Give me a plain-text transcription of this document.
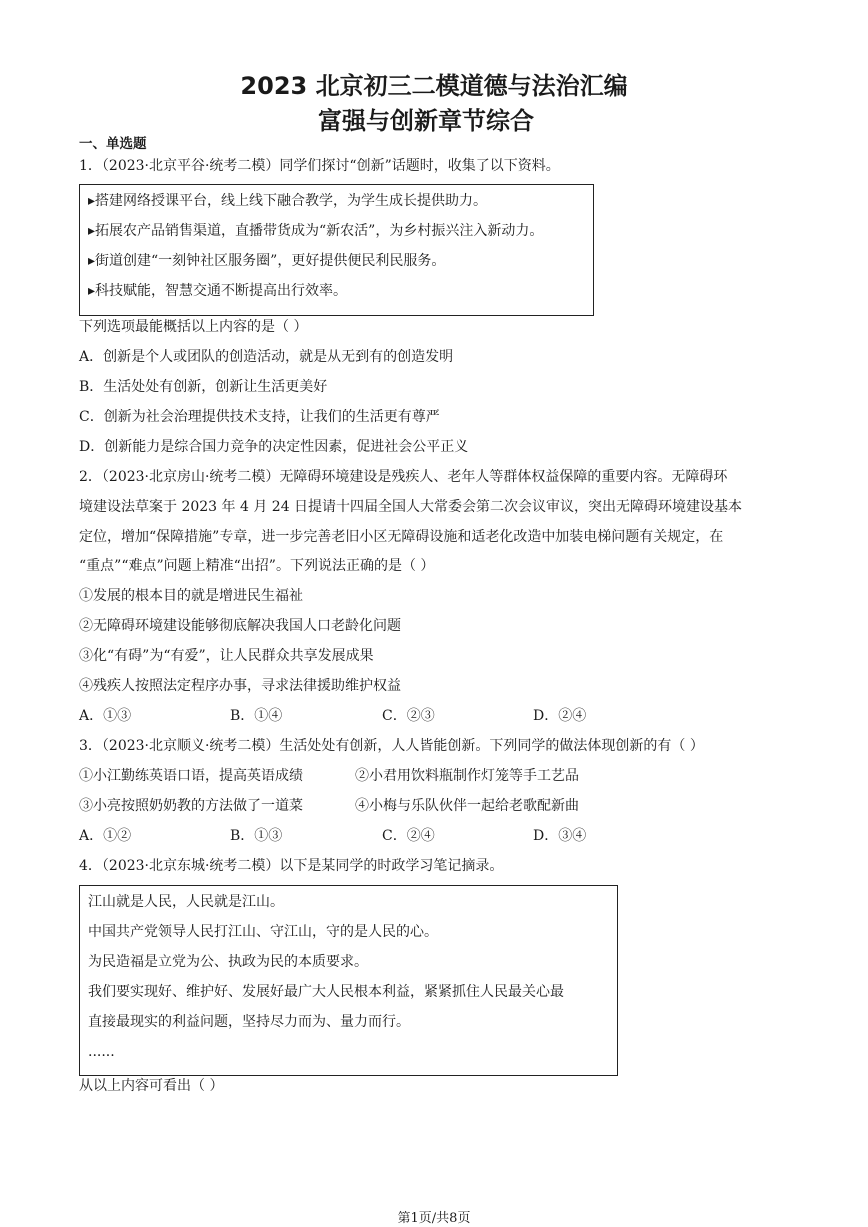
2023 北京初三二模道德与法治汇编
富强与创新章节综合
一、单选题
1．（2023·北京平谷·统考二模）同学们探讨“创新”话题时，收集了以下资料。
▸搭建网络授课平台，线上线下融合教学，为学生成长提供助力。
▸拓展农产品销售渠道，直播带货成为“新农活”，为乡村振兴注入新动力。
▸街道创建“一刻钟社区服务圈”，更好提供便民利民服务。
▸科技赋能，智慧交通不断提高出行效率。
下列选项最能概括以上内容的是（ ）
A．创新是个人或团队的创造活动，就是从无到有的创造发明
B．生活处处有创新，创新让生活更美好
C．创新为社会治理提供技术支持，让我们的生活更有尊严
D．创新能力是综合国力竞争的决定性因素，促进社会公平正义
2．（2023·北京房山·统考二模）无障碍环境建设是残疾人、老年人等群体权益保障的重要内容。无障碍环
境建设法草案于 2023 年 4 月 24 日提请十四届全国人大常委会第二次会议审议，突出无障碍环境建设基本
定位，增加“保障措施”专章，进一步完善老旧小区无障碍设施和适老化改造中加装电梯问题有关规定，在
“重点”“难点”问题上精准“出招”。下列说法正确的是（ ）
①发展的根本目的就是增进民生福祉
②无障碍环境建设能够彻底解决我国人口老龄化问题
③化“有碍”为“有爱”，让人民群众共享发展成果
④残疾人按照法定程序办事，寻求法律援助维护权益
A．①③	B．①④	C．②③	D．②④
3．（2023·北京顺义·统考二模）生活处处有创新，人人皆能创新。下列同学的做法体现创新的有（ ）
①小江勤练英语口语，提高英语成绩	②小君用饮料瓶制作灯笼等手工艺品
③小亮按照奶奶教的方法做了一道菜	④小梅与乐队伙伴一起给老歌配新曲
A．①②	B．①③	C．②④	D．③④
4．（2023·北京东城·统考二模）以下是某同学的时政学习笔记摘录。
江山就是人民，人民就是江山。
中国共产党领导人民打江山、守江山，守的是人民的心。
为民造福是立党为公、执政为民的本质要求。
我们要实现好、维护好、发展好最广大人民根本利益，紧紧抓住人民最关心最
直接最现实的利益问题，坚持尽力而为、量力而行。
......
从以上内容可看出（ ）
第1页/共8页
